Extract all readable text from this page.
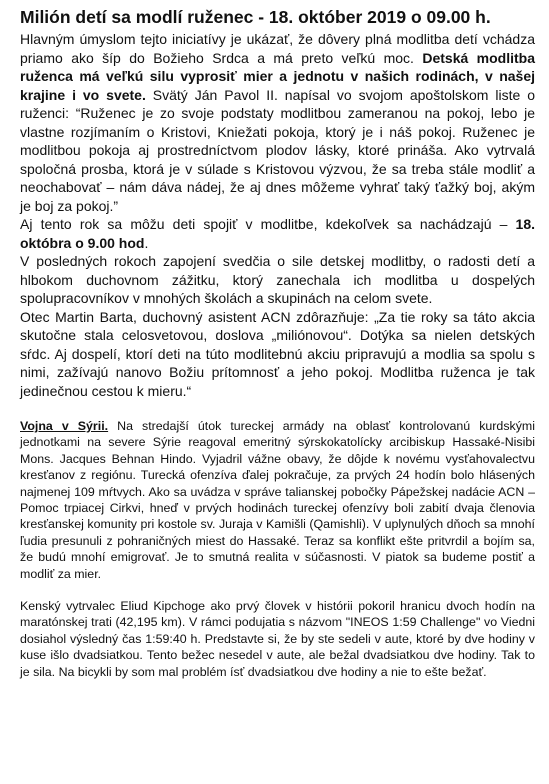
Milión detí sa modlí ruženec - 18. október 2019 o 09.00 h.

Hlavným úmyslom tejto iniciatívy je ukázať, že dôvery plná modlitba detí vchádza priamo ako šíp do Božieho Srdca a má preto veľkú moc. Detská modlitba ruženca má veľkú silu vyprosiť mier a jednotu v našich rodinách, v našej krajine i vo svete. Svätý Ján Pavol II. napísal vo svojom apoštolskom liste o ruženci: “Ruženec je zo svoje podstaty modlitbou zameranou na pokoj, lebo je vlastne rozjímaním o Kristovi, Kniežati pokoja, ktorý je i náš pokoj. Ruženec je modlitbou pokoja aj prostredníctvom plodov lásky, ktoré prináša. Ako vytrvalá spoločná prosba, ktorá je v súlade s Kristovou výzvou, že sa treba stále modliť a neochabovať – nám dáva nádej, že aj dnes môžeme vyhrať taký ťažký boj, akým je boj za pokoj.”

Aj tento rok sa môžu deti spojiť v modlitbe, kdekoľvek sa nachádzajú – 18. októbra o 9.00 hod.

V posledných rokoch zapojení svedčia o sile detskej modlitby, o radosti detí a hlbokom duchovnom zážitku, ktorý zanechala ich modlitba u dospelých spolupracovníkov v mnohých školách a skupinách na celom svete.

Otec Martin Barta, duchovný asistent ACN zdôrazňuje: „Za tie roky sa táto akcia skutočne stala celosvetovou, doslova „miliónovou“. Dotýka sa nielen detských sŕdc. Aj dospelí, ktorí deti na túto modlitebnú akciu pripravujú a modlia sa spolu s nimi, zažívajú nanovo Božiu prítomnosť a jeho pokoj. Modlitba ruženca je tak jedinečnou cestou k mieru.“

Vojna v Sýrii. Na stredajší útok tureckej armády na oblasť kontrolovanú kurdskými jednotkami na severe Sýrie reagoval emeritný sýrskokatolícky arcibiskup Hassaké-Nisibi Mons. Jacques Behnan Hindo. Vyjadril vážne obavy, že dôjde k novému vysťahovalectvu kresťanov z regiónu. Turecká ofenzíva ďalej pokračuje, za prvých 24 hodín bolo hlásených najmenej 109 mŕtvych. Ako sa uvádza v správe talianskej pobočky Pápežskej nadácie ACN – Pomoc trpiacej Cirkvi, hneď v prvých hodinách tureckej ofenzívy boli zabití dvaja členovia kresťanskej komunity pri kostole sv. Juraja v Kamišli (Qamishli). V uplynulých dňoch sa mnohí ľudia presunuli z pohraničných miest do Hassaké. Teraz sa konflikt ešte pritvrdil a bojím sa, že budú mnohí emigrovať. Je to smutná realita v súčasnosti. V piatok sa budeme postiť a modliť za mier.

Kenský vytrvalec Eliud Kipchoge ako prvý človek v histórii pokoril hranicu dvoch hodín na maratónskej trati (42,195 km). V rámci podujatia s názvom "INEOS 1:59 Challenge" vo Viedni dosiahol výsledný čas 1:59:40 h. Predstavte si, že by ste sedeli v aute, ktoré by dve hodiny v kuse išlo dvadsiatkou. Tento bežec nesedel v aute, ale bežal dvadsiatkou dve hodiny. Tak to je sila. Na bicykli by som mal problém ísť dvadsiatkou dve hodiny a nie to ešte bežať.
